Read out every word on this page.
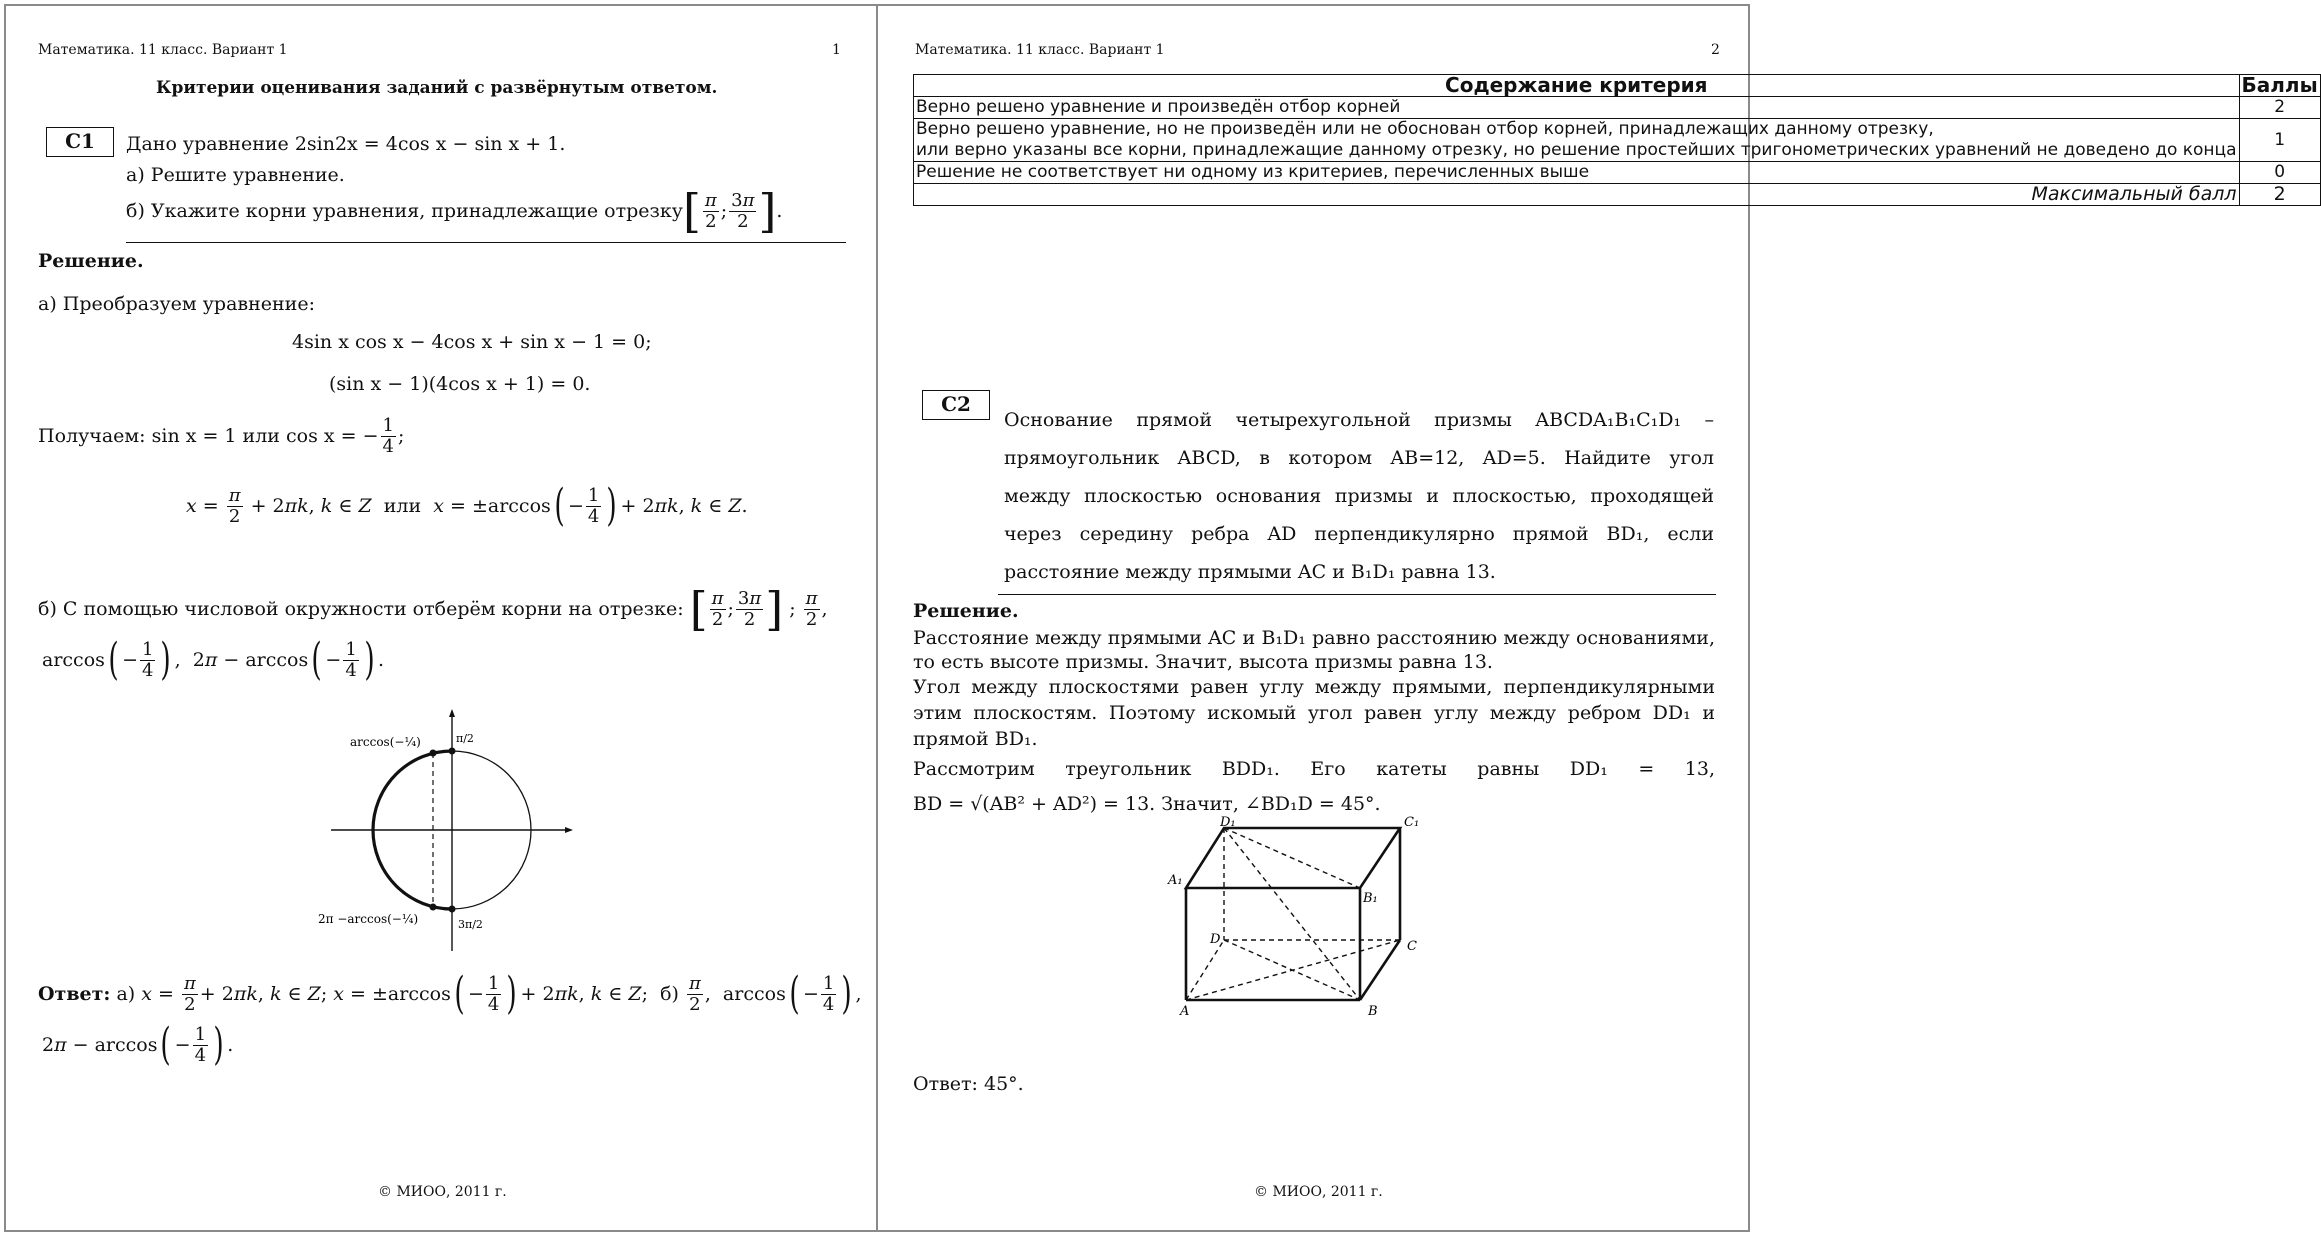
Математика. 11 класс. Вариант 1	1
Критерии оценивания заданий с развёрнутым ответом.
С1	Дано уравнение 2sin2x = 4cos x − sin x + 1.
а) Решите уравнение.
б) Укажите корни уравнения, принадлежащие отрезку [ $\frac{\pi}{2}$ ; $\frac{3\pi}{2}$ ] .
Решение.
а) Преобразуем уравнение:
4sin x cos x − 4cos x + sin x − 1 = 0;
(sin x − 1)(4cos x + 1) = 0.
Получаем: sin x = 1 или cos x = − $\frac{1}{4}$ ;
$x = \frac{\pi}{2} + 2$ πk , k ∈ Z
или
x = ±arccos ( − $\frac{1}{4}$ ) + 2 πk , k ∈ Z .
б) С помощью числовой окружности отберём корни на отрезке:
[ $\frac{\pi}{2}$ ; $\frac{3\pi}{2}$ ] ; $\frac{\pi}{2}$ ,
arccos ( − $\frac{1}{4}$ ) ,  2 π − arccos ( − $\frac{1}{4}$ ) .
arccos(−¼)	π/2
2π −arccos(−¼)	3π/2
Ответ: а) $x = \frac{\pi}{2} + 2$ πk , k ∈ Z ; x = ±arccos ( − $\frac{1}{4}$ ) + 2 πk , k ∈ Z ;  $б) \frac{\pi}{2}$ ,  arccos ( − $\frac{1}{4}$ ) ,
2 π − arccos ( − $\frac{1}{4}$ ) .
© МИОО, 2011 г.
Математика. 11 класс. Вариант 1	2
Содержание критерия	Баллы
Верно решено уравнение и произведён отбор корней	2

Верно решено уравнение, но не произведён или не обоснован отбор корней, принадлежащих данному отрезку,
или верно указаны все корни, принадлежащие данному отрезку, но решение простейших тригонометрических уравнений не доведено до конца	1
Решение не соответствует ни одному из критериев, перечисленных выше	0
Максимальный балл	2
С2
Основание прямой четырехугольной призмы ABCDA₁B₁C₁D₁ –
прямоугольник ABCD, в котором AB=12, AD=5. Найдите угол
между плоскостью основания призмы и плоскостью, проходящей
через середину ребра AD перпендикулярно прямой BD₁, если
расстояние между прямыми AC и B₁D₁ равна 13.
Решение.
Расстояние между прямыми AC и B₁D₁ равно расстоянию между основаниями, то есть высоте призмы. Значит, высота призмы равна 13.
Угол между плоскостями равен углу между прямыми, перпендикулярными этим плоскостям. Поэтому искомый угол равен углу между ребром DD₁ и прямой BD₁.
Рассмотрим треугольник BDD₁. Его катеты равны DD₁ = 13,
BD = √(AB² + AD²) = 13. Значит, ∠BD₁D = 45°.
D₁	C₁
A₁
B₁
D	C
A	B
Ответ: 45°.
© МИОО, 2011 г.
